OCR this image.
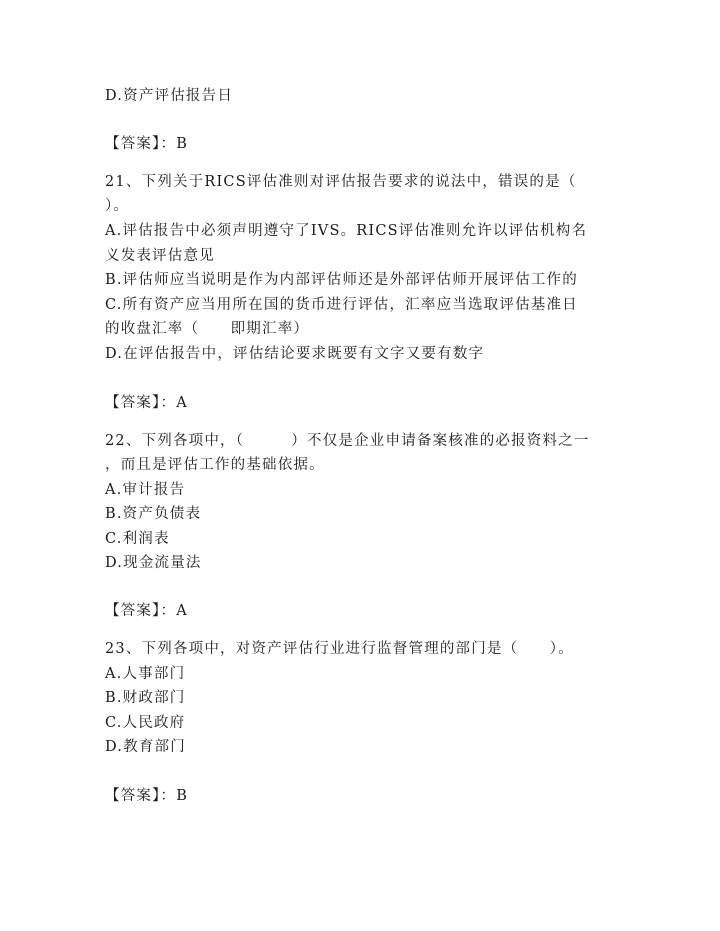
D.资产评估报告日
【答案】：B
21、下列关于RICS评估准则对评估报告要求的说法中，错误的是（
）。
A.评估报告中必须声明遵守了IVS。RICS评估准则允许以评估机构名
义发表评估意见
B.评估师应当说明是作为内部评估师还是外部评估师开展评估工作的
C.所有资产应当用所在国的货币进行评估，汇率应当选取评估基准日
的收盘汇率（　　即期汇率）
D.在评估报告中，评估结论要求既要有文字又要有数字
【答案】：A
22、下列各项中，（　　　）不仅是企业申请备案核准的必报资料之一
，而且是评估工作的基础依据。
A.审计报告
B.资产负债表
C.利润表
D.现金流量法
【答案】：A
23、下列各项中，对资产评估行业进行监督管理的部门是（　　）。
A.人事部门
B.财政部门
C.人民政府
D.教育部门
【答案】：B
